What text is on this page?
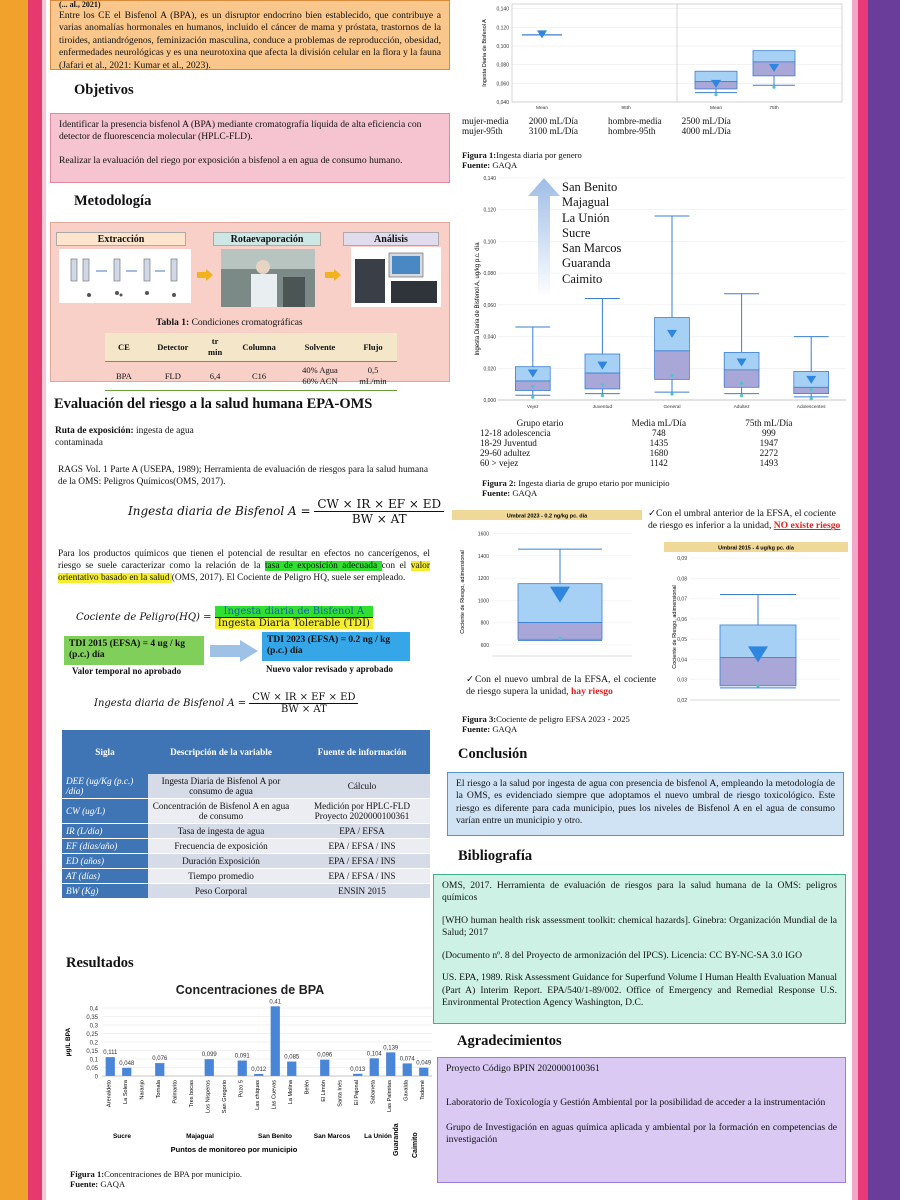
(... al., 2021)
Entre los CE el Bisfenol A (BPA), es un disruptor endocrino bien establecido, que contribuye a varias anomalías hormonales en humanos, incluido el cáncer de mama y próstata, trastornos de la tiroides, antiandrógenos, feminización masculina, conduce a problemas de reproducción, obesidad, enfermedades neurológicas y es una neurotoxina que afecta la división celular en la flora y la fauna (Jafari et al., 2021: Kumar et al., 2023).
Objetivos

Identificar la presencia bisfenol A (BPA) mediante cromatografía líquida de alta eficiencia con detector de fluorescencia molecular (HPLC-FLD).

Realizar la evaluación del riego por exposición a bisfenol a en agua de consumo humano.

Metodología
Extracción	Rotaevaporación	Análisis
Tabla 1: Condiciones cromatográficas
CE	Detector	tr min	Columna	Solvente	Flujo
BPA	FLD	6,4	C16	40% Agua 60% ACN	0,5 mL/min
Evaluación del riesgo a la salud humana EPA-OMS
Ruta de exposición: ingesta de agua contaminada
RAGS Vol. 1 Parte A (USEPA, 1989); Herramienta de evaluación de riesgos para la salud humana de la OMS: Peligros Químicos(OMS, 2017).
Ingesta diaria de Bisfenol $A = \frac{CW \times IR \times EF \times ED}{BW \times AT}$
Para los productos químicos que tienen el potencial de resultar en efectos no cancerígenos, el riesgo se suele caracterizar como la relación de la tasa de exposición adecuada con el valor orientativo basado en la salud (OMS, 2017). El Cociente de Peligro HQ, suele ser empleado.
Cociente de Peligro(HQ) = $\frac{\text{Ingesta diaria de Bisfenol A}}{\text{Ingesta Diaria Tolerable (TDI)}}$
TDI 2015 (EFSA) = 4 ug / kg (p.c.) día
TDI 2023 (EFSA) = 0.2 ng / kg (p.c.) día
Valor temporal no aprobado	Nuevo valor revisado y aprobado
Ingesta diaria de Bisfenol $A = \frac{CW \times IR \times EF \times ED}{BW \times AT}$
Sigla	Descripción de la variable	Fuente de información
DEE (ug/Kg (p.c.) /día)	Ingesta Diaria de Bisfenol A por consumo de agua	Cálculo
CW (ug/L)	Concentración de Bisfenol A en agua de consumo	Medición por HPLC-FLD Proyecto 2020000100361
IR (L/día)	Tasa de ingesta de agua	EPA / EFSA
EF (días/año)	Frecuencia de exposición	EPA / EFSA / INS
ED (años)	Duración Exposición	EPA / EFSA / INS
AT (días)	Tiempo promedio	EPA / EFSA / INS
BW (Kg)	Peso Corporal	ENSIN 2015
Resultados
Concentraciones de BPA
0
0,05
0,1
0,15
0,2
0,25
0,3
0,35
0,4
µg/L BPA	0,111
Arenaldeto
0,048
La Solera Naranjo
0,076
Tornala Palmarito Tres bocas
0,099
Los Nísperos San Gregorio
0,091
Pozo 5
0,012
Las chiquas
0,41
Las Cuevas
0,085
La Molina Belén
0,096
El Limón Santa Inés
0,013
El Pajonal
0,104
Sabaneta
0,139
Las Palmitas
0,074
Gavalda
0,049
Todomé
Sucre	Majagual	San Benito	San Marcos La Unión Guaranda Caimito
Puntos de monitoreo por municipio
Figura 1:Concentraciones de BPA por municipio.
Fuente: GAQA
0,040
0,060
0,080
0,100
0,120
0,140
Ingesta Diaria de Bisfenol A
Mean	95th	Mean	75th
mujer-media	2000 mL/Día	hombre-media	2500 mL/Día
mujer-95th	3100 mL/Día	hombre-95th	4000 mL/Día
Figura 1:Ingesta diaria por genero
Fuente: GAQA
0,000
0,020
0,040
0,060
0,080
0,100
0,120
0,140
Ingesta Diaria de Bisfenol A, ug/kg p.c. día
Vejez	Juventud	General	Adultez	Adolescentes
San Benito
Majagual
La Unión
Sucre
San Marcos
Guaranda
Caimito
Grupo etario	Media mL/Día	75th mL/Día
12-18 adolescencia	748	999
18-29 Juventud	1435	1947
29-60 adultez	1680	2272
60 > vejez	1142	1493
Figura 2: Ingesta diaria de grupo etario por municipio
Fuente: GAQA
Umbral 2023 - 0.2 ng/kg pc. día
600
800
1000
1200
1400
1600
Cociente de Riesgo, adimensional
✓Con el umbral anterior de la EFSA, el cociente de riesgo es inferior a la unidad, NO existe riesgo
Umbral 2015 - 4 ug/kg pc. día
0,02
0,03
0,04
0,05
0,06
0,07
0,08
0,09
Cociente de Riesgo, adimensional
✓Con el nuevo umbral de la EFSA, el cociente de riesgo supera la unidad, hay riesgo
Figura 3:Cociente de peligro EFSA 2023 - 2025
Fuente: GAQA
Conclusión
El riesgo a la salud por ingesta de agua con presencia de bisfenol A, empleando la metodología de la OMS, es evidenciado siempre que adoptamos el nuevo umbral de riesgo toxicológico. Este riesgo es diferente para cada municipio, pues los niveles de Bisfenol A en el agua de consumo varían entre un municipio y otro.
Bibliografía

OMS, 2017. Herramienta de evaluación de riesgos para la salud humana de la OMS: peligros químicos

[WHO human health risk assessment toolkit: chemical hazards]. Ginebra: Organización Mundial de la Salud; 2017

(Documento nº. 8 del Proyecto de armonización del IPCS). Licencia: CC BY-NC-SA 3.0 IGO

US. EPA, 1989. Risk Assessment Guidance for Superfund Volume I Human Health Evaluation Manual (Part A) Interim Report. EPA/540/1-89/002. Office of Emergency and Remedial Response U.S. Environmental Protection Agency Washington, D.C.

Agradecimientos

Proyecto Código BPIN 2020000100361

Laboratorio de Toxicología y Gestión Ambiental por la posibilidad de acceder a la instrumentación

Grupo de Investigación en aguas química aplicada y ambiental por la formación en competencias de investigación
